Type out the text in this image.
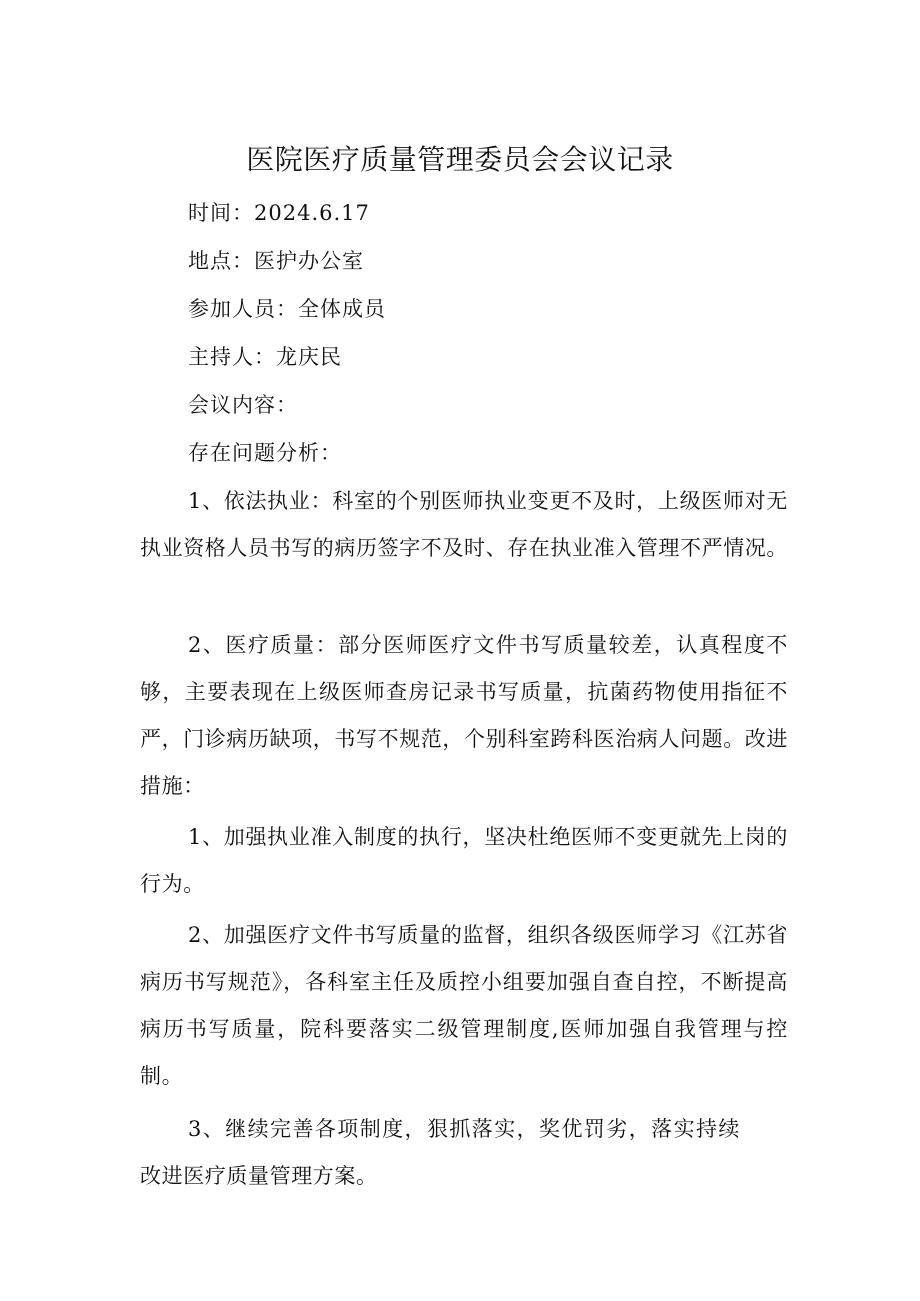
医院医疗质量管理委员会会议记录
时间：2024.6.17
地点：医护办公室
参加人员：全体成员
主持人：龙庆民
会议内容：
存在问题分析：

1、依法执业：科室的个别医师执业变更不及时，上级医师对无执业资格人员书写的病历签字不及时、存在执业准入管理不严情况。

2、医疗质量：部分医师医疗文件书写质量较差，认真程度不够，主要表现在上级医师查房记录书写质量，抗菌药物使用指征不严，门诊病历缺项，书写不规范，个别科室跨科医治病人问题。改进措施：

1、加强执业准入制度的执行，坚决杜绝医师不变更就先上岗的行为。

2、加强医疗文件书写质量的监督，组织各级医师学习《江苏省病历书写规范》，各科室主任及质控小组要加强自查自控，不断提高病历书写质量，院科要落实二级管理制度,医师加强自我管理与控制。

3、继续完善各项制度，狠抓落实，奖优罚劣，落实持续改进医疗质量管理方案。
